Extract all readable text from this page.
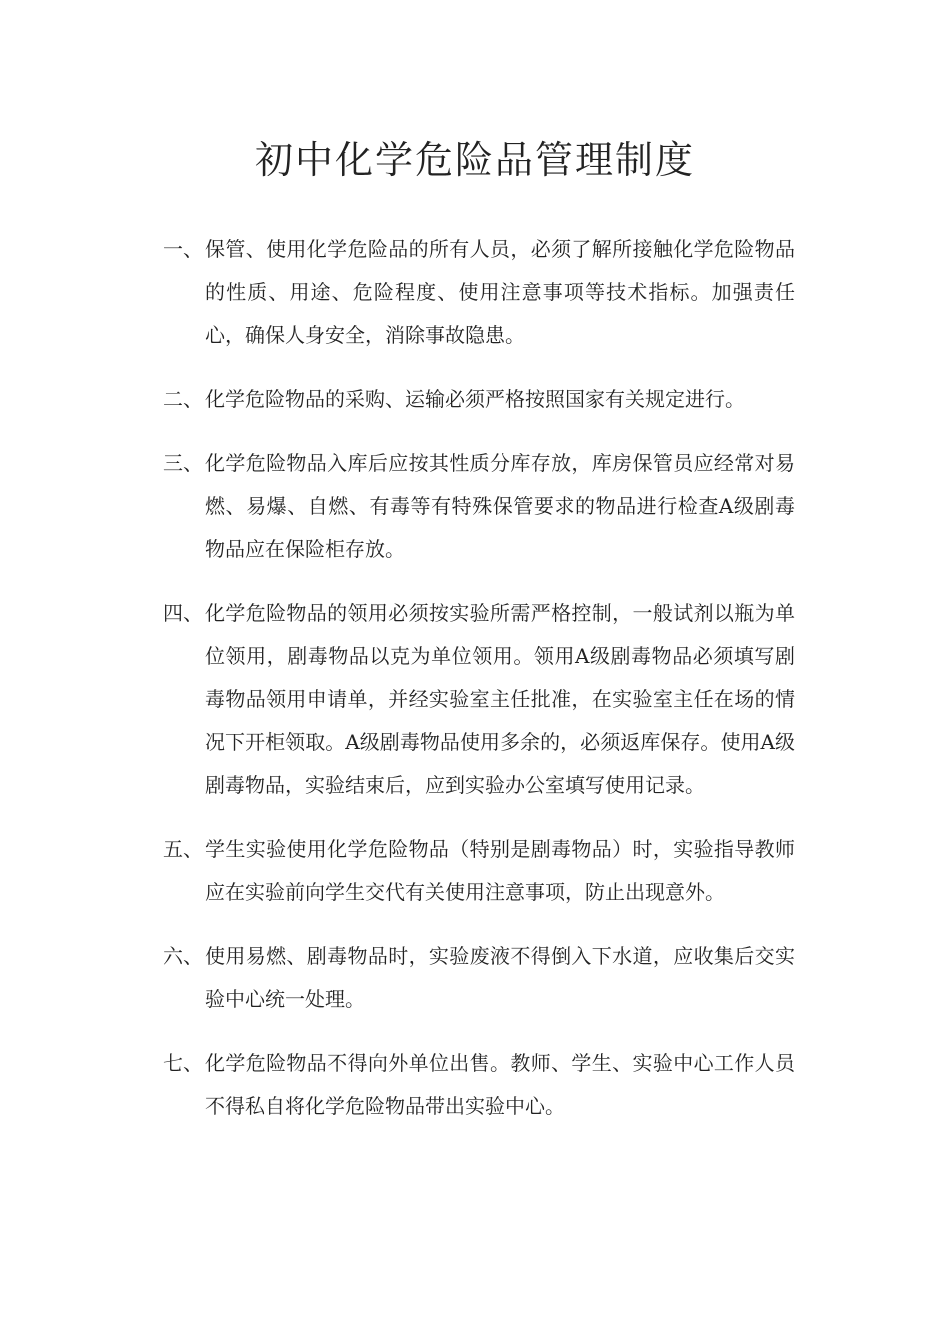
初中化学危险品管理制度
一、 保管、使用化学危险品的所有人员，必须了解所接触化学危险物品的性质、用途、危险程度、使用注意事项等技术指标。加强责任心，确保人身安全，消除事故隐患。
二、 化学危险物品的采购、运输必须严格按照国家有关规定进行。
三、 化学危险物品入库后应按其性质分库存放，库房保管员应经常对易燃、易爆、自燃、有毒等有特殊保管要求的物品进行检查A级剧毒物品应在保险柜存放。
四、 化学危险物品的领用必须按实验所需严格控制，一般试剂以瓶为单位领用，剧毒物品以克为单位领用。领用A级剧毒物品必须填写剧毒物品领用申请单，并经实验室主任批准，在实验室主任在场的情况下开柜领取。A级剧毒物品使用多余的，必须返库保存。使用A级剧毒物品，实验结束后，应到实验办公室填写使用记录。
五、 学生实验使用化学危险物品（特别是剧毒物品）时，实验指导教师应在实验前向学生交代有关使用注意事项，防止出现意外。
六、 使用易燃、剧毒物品时，实验废液不得倒入下水道，应收集后交实验中心统一处理。
七、 化学危险物品不得向外单位出售。教师、学生、实验中心工作人员不得私自将化学危险物品带出实验中心。
